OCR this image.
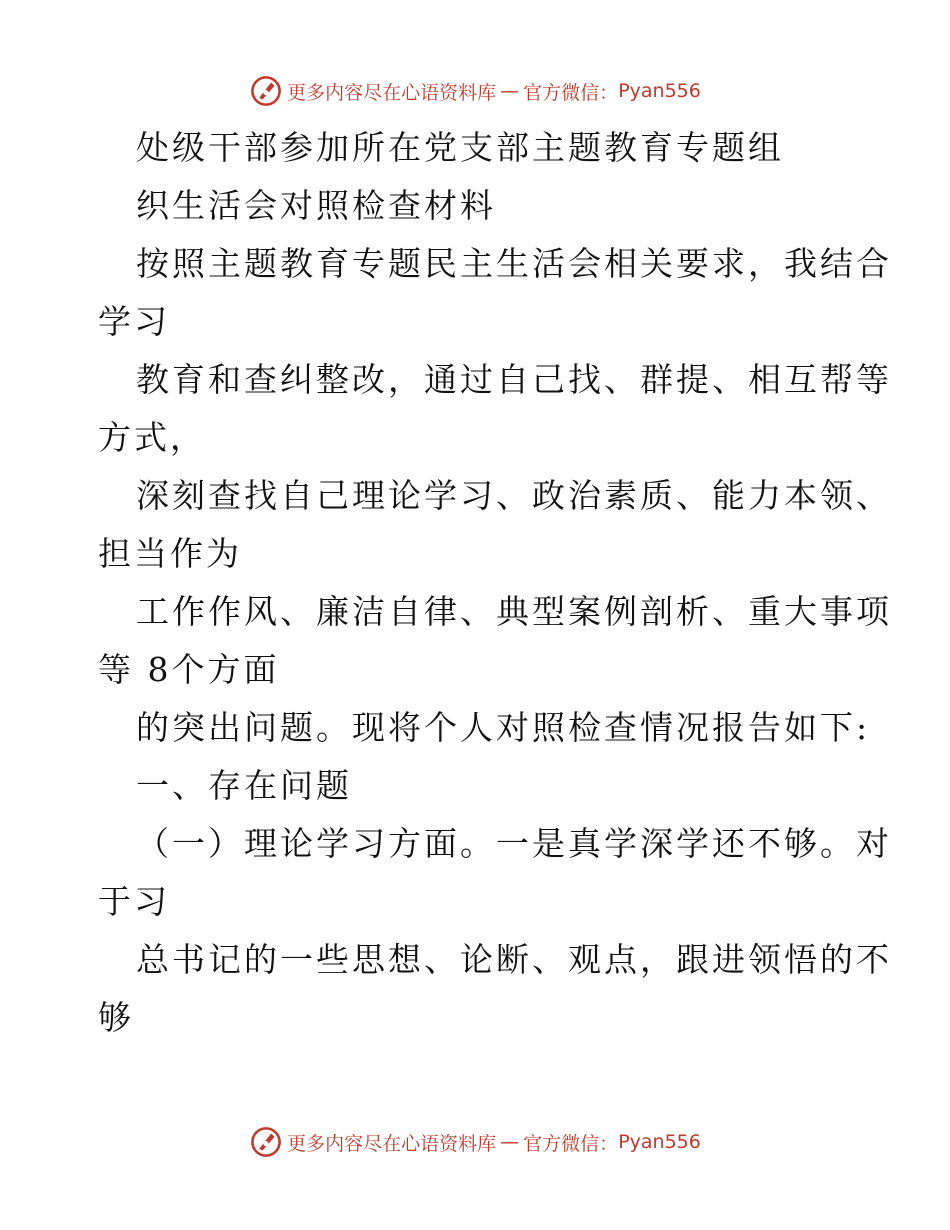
更多内容尽在心语资料库 — 官方微信： Pyan556
处级干部参加所在党支部主题教育专题组
织生活会对照检查材料
按照主题教育专题民主生活会相关要求，我结合
学习
教育和查纠整改，通过自己找、群提、相互帮等
方式，
深刻查找自己理论学习、政治素质、能力本领、
担当作为
工作作风、廉洁自律、典型案例剖析、重大事项
等 8个方面
的突出问题。现将个人对照检查情况报告如下:
一、存在问题
（一）理论学习方面。一是真学深学还不够。对
于习
总书记的一些思想、论断、观点，跟进领悟的不
够
更多内容尽在心语资料库 — 官方微信： Pyan556
